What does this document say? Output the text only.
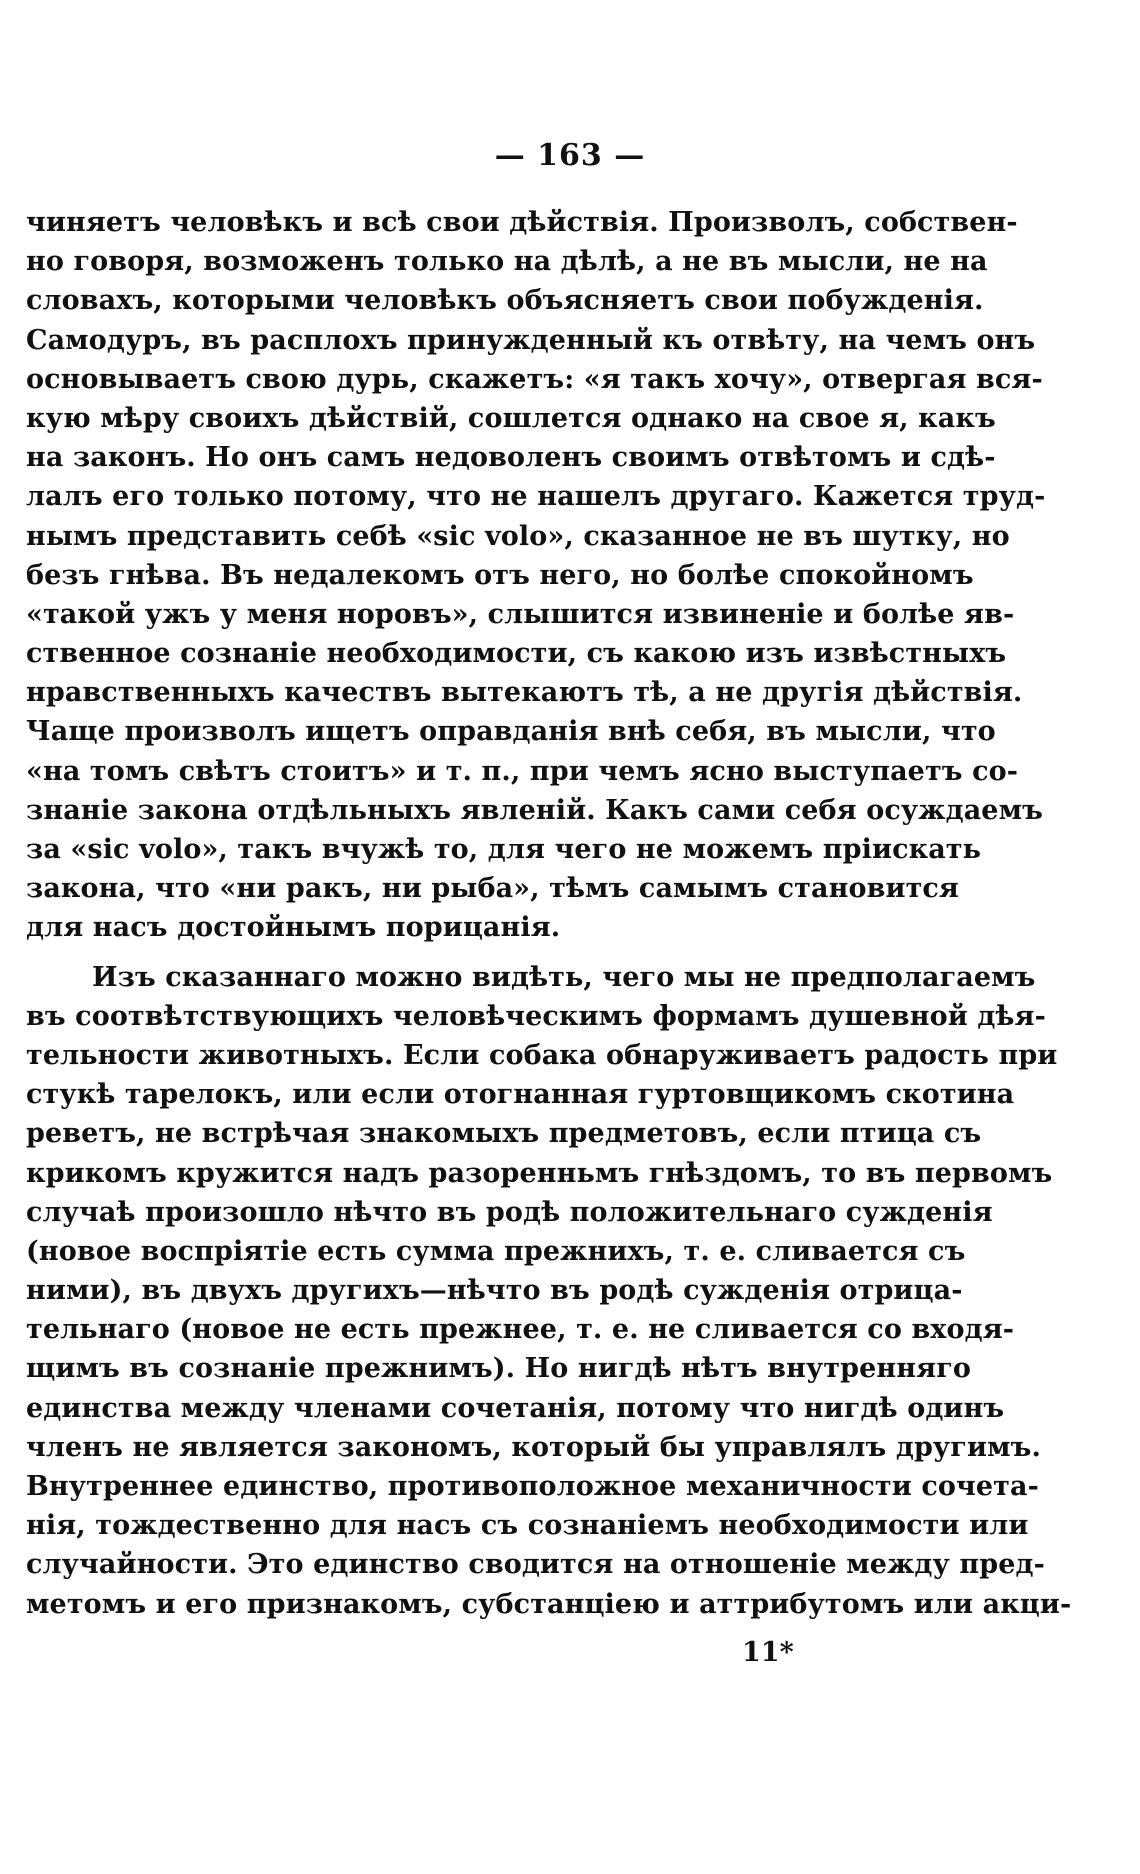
— 163 —
чиняетъ человѣкъ и всѣ свои дѣйствія. Произволъ, собствен-
но говоря, возможенъ только на дѣлѣ, а не въ мысли, не на
словахъ, которыми человѣкъ объясняетъ свои побужденія.
Самодуръ, въ расплохъ принужденный къ отвѣту, на чемъ онъ
основываетъ свою дурь, скажетъ: «я такъ хочу», отвергая вся-
кую мѣру своихъ дѣйствій, сошлется однако на свое я, какъ
на законъ. Но онъ самъ недоволенъ своимъ отвѣтомъ и сдѣ-
лалъ его только потому, что не нашелъ другаго. Кажется труд-
нымъ представить себѣ «sic volo», сказанное не въ шутку, но
безъ гнѣва. Въ недалекомъ отъ него, но болѣе спокойномъ
«такой ужъ у меня норовъ», слышится извиненіе и болѣе яв-
ственное сознаніе необходимости, съ какою изъ извѣстныхъ
нравственныхъ качествъ вытекаютъ тѣ, а не другія дѣйствія.
Чаще произволъ ищетъ оправданія внѣ себя, въ мысли, что
«на томъ свѣтъ стоитъ» и т. п., при чемъ ясно выступаетъ со-
знаніе закона отдѣльныхъ явленій. Какъ сами себя осуждаемъ
за «sic volo», такъ вчужѣ то, для чего не можемъ пріискать
закона, что «ни ракъ, ни рыба», тѣмъ самымъ становится
для насъ достойнымъ порицанія.
Изъ сказаннаго можно видѣть, чего мы не предполагаемъ
въ соотвѣтствующихъ человѣческимъ формамъ душевной дѣя-
тельности животныхъ. Если собака обнаруживаетъ радость при
стукѣ тарелокъ, или если отогнанная гуртовщикомъ скотина
реветъ, не встрѣчая знакомыхъ предметовъ, если птица съ
крикомъ кружится надъ разоренньмъ гнѣздомъ, то въ первомъ
случаѣ произошло нѣчто въ родѣ положительнаго сужденія
(новое воспріятіе есть сумма прежнихъ, т. е. сливается съ
ними), въ двухъ другихъ—нѣчто въ родѣ сужденія отрица-
тельнаго (новое не есть прежнее, т. е. не сливается со входя-
щимъ въ сознаніе прежнимъ). Но нигдѣ нѣтъ внутренняго
единства между членами сочетанія, потому что нигдѣ одинъ
членъ не является закономъ, который бы управлялъ другимъ.
Внутреннее единство, противоположное механичности сочета-
нія, тождественно для насъ съ сознаніемъ необходимости или
случайности. Это единство сводится на отношеніе между пред-
метомъ и его признакомъ, субстанціею и аттрибутомъ или акци-
11*
